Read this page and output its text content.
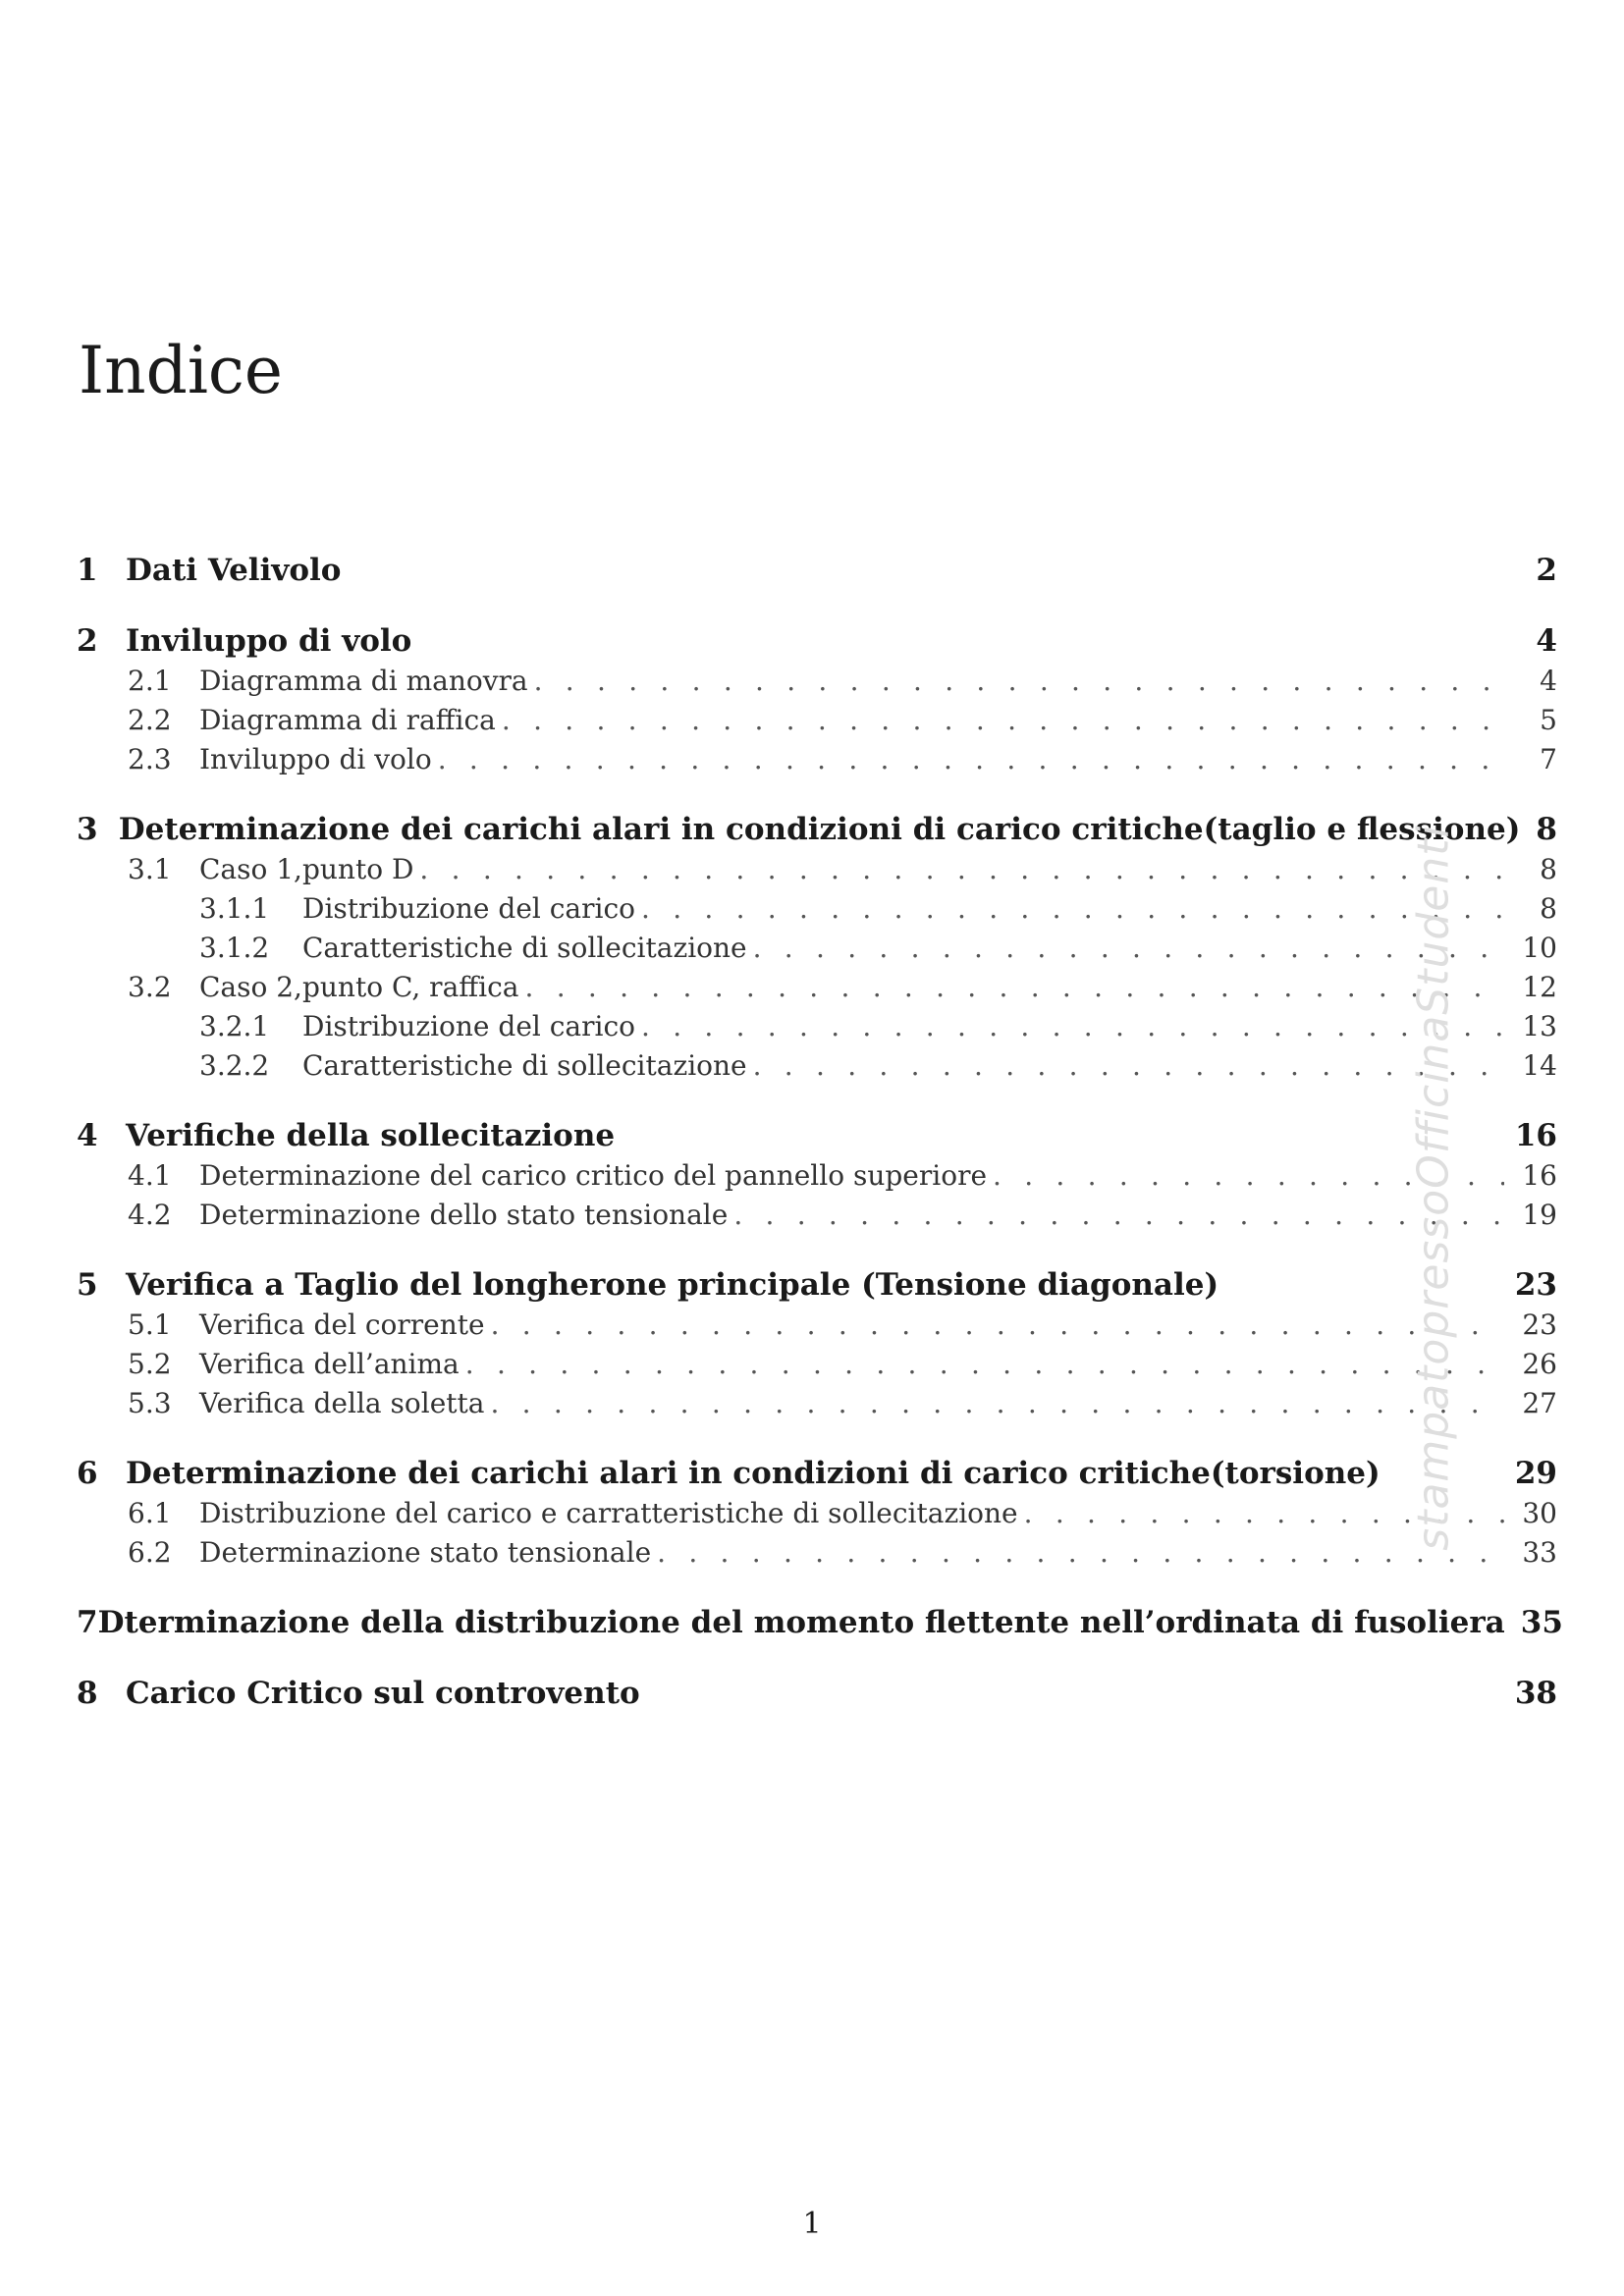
Indice
1 Dati Velivolo	2
2 Inviluppo di volo	4
2.1	Diagramma di manovra . . .	4
2.2	Diagramma di raffica . . .	5
2.3	Inviluppo di volo . . .	7
3 Determinazione dei carichi alari in condizioni di carico critiche(taglio e flessione) 8
3.1	Caso 1,punto D . . .	8
3.1.1	Distribuzione del carico . . .	8
3.1.2	Caratteristiche di sollecitazione . . .	10
3.2	Caso 2,punto C, raffica . . .	12
3.2.1	Distribuzione del carico . . .	13
3.2.2	Caratteristiche di sollecitazione . . .	14
4 Verifiche della sollecitazione	16
4.1	Determinazione del carico critico del pannello superiore . . .	16
4.2	Determinazione dello stato tensionale . . .	19
5 Verifica a Taglio del longherone principale (Tensione diagonale)	23
5.1	Verifica del corrente . . .	23
5.2	Verifica dell’anima . . .	26
5.3	Verifica della soletta . . .	27
6 Determinazione dei carichi alari in condizioni di carico critiche(torsione)	29
6.1	Distribuzione del carico e carratteristiche di sollecitazione . . .	30
6.2	Determinazione stato tensionale . . .	33
7 Dterminazione della distribuzione del momento flettente nell’ordinata di fusoliera 35
8 Carico Critico sul controvento	38
stampatopressoOfficinaStudenti
1
